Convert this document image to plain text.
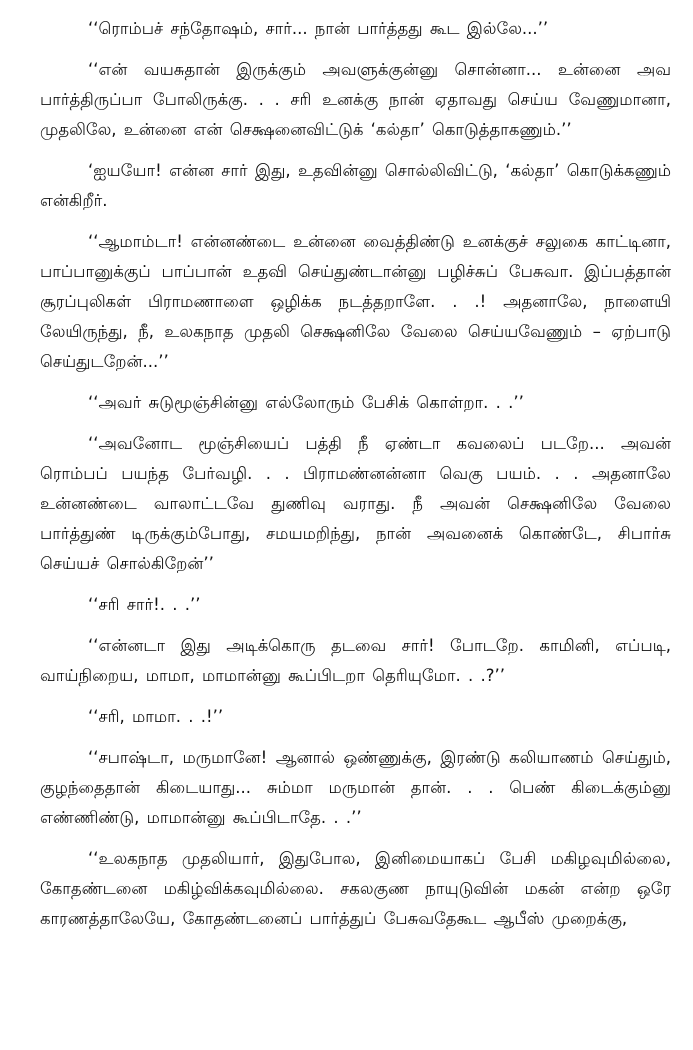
‘‘ரொம்பச் சந்தோஷம், சார்... நான் பார்த்தது கூட இல்லே...’’

‘‘என் வயசுதான் இருக்கும் அவளுக்குன்னு சொன்னா... உன்னை அவ பார்த்திருப்பா போலிருக்கு. . . சரி உனக்கு நான் ஏதாவது செய்ய வேணுமானா, முதலிலே, உன்னை என் செக்ஷனைவிட்டுக் ‘கல்தா’ கொடுத்தாகணும்.’’

‘ஐயயோ! என்ன சார் இது, உதவின்னு சொல்லிவிட்டு, ‘கல்தா’ கொடுக்கணும் என்கிறீர்.

‘‘ஆமாம்டா! என்னண்டை உன்னை வைத்திண்டு உனக்குச் சலுகை காட்டினா, பாப்பானுக்குப் பாப்பான் உதவி செய்துண்டான்னு பழிச்சுப் பேசுவா. இப்பத்தான் சூரப்புலிகள் பிராமணாளை ஒழிக்க நடத்தறாளே. . .! அதனாலே, நாளையி லேயிருந்து, நீ, உலகநாத முதலி செக்ஷனிலே வேலை செய்யவேணும் – ஏற்பாடு செய்துடறேன்...’’

‘‘அவர் சுடுமூஞ்சின்னு எல்லோரும் பேசிக் கொள்றா. . .’’

‘‘அவனோட மூஞ்சியைப் பத்தி நீ ஏண்டா கவலைப் படறே... அவன் ரொம்பப் பயந்த பேர்வழி. . . பிராமண்னன்னா வெகு பயம். . . அதனாலே உன்னண்டை வாலாட்டவே துணிவு வராது. நீ அவன் செக்ஷனிலே வேலை பார்த்துண் டிருக்கும்போது, சமயமறிந்து, நான் அவனைக் கொண்டே, சிபார்சு செய்யச் சொல்கிறேன்’’

‘‘சரி சார்!. . .’’

‘‘என்னடா இது அடிக்கொரு தடவை சார்! போடறே. காமினி, எப்படி, வாய்நிறைய, மாமா, மாமான்னு கூப்பிடறா தெரியுமோ. . .?’’

‘‘சரி, மாமா. . .!’’

‘‘சபாஷ்டா, மருமானே! ஆனால் ஒண்ணுக்கு, இரண்டு கலியாணம் செய்தும், குழந்தைதான் கிடையாது... சும்மா மருமான் தான். . . பெண் கிடைக்கும்னு எண்ணிண்டு, மாமான்னு கூப்பிடாதே. . .’’

‘‘உலகநாத முதலியார், இதுபோல, இனிமையாகப் பேசி மகிழவுமில்லை, கோதண்டனை மகிழ்விக்கவுமில்லை. சகலகுண நாயுடுவின் மகன் என்ற ஒரே காரணத்தாலேயே, கோதண்டனைப் பார்த்துப் பேசுவதேகூட ஆபீஸ் முறைக்கு,
